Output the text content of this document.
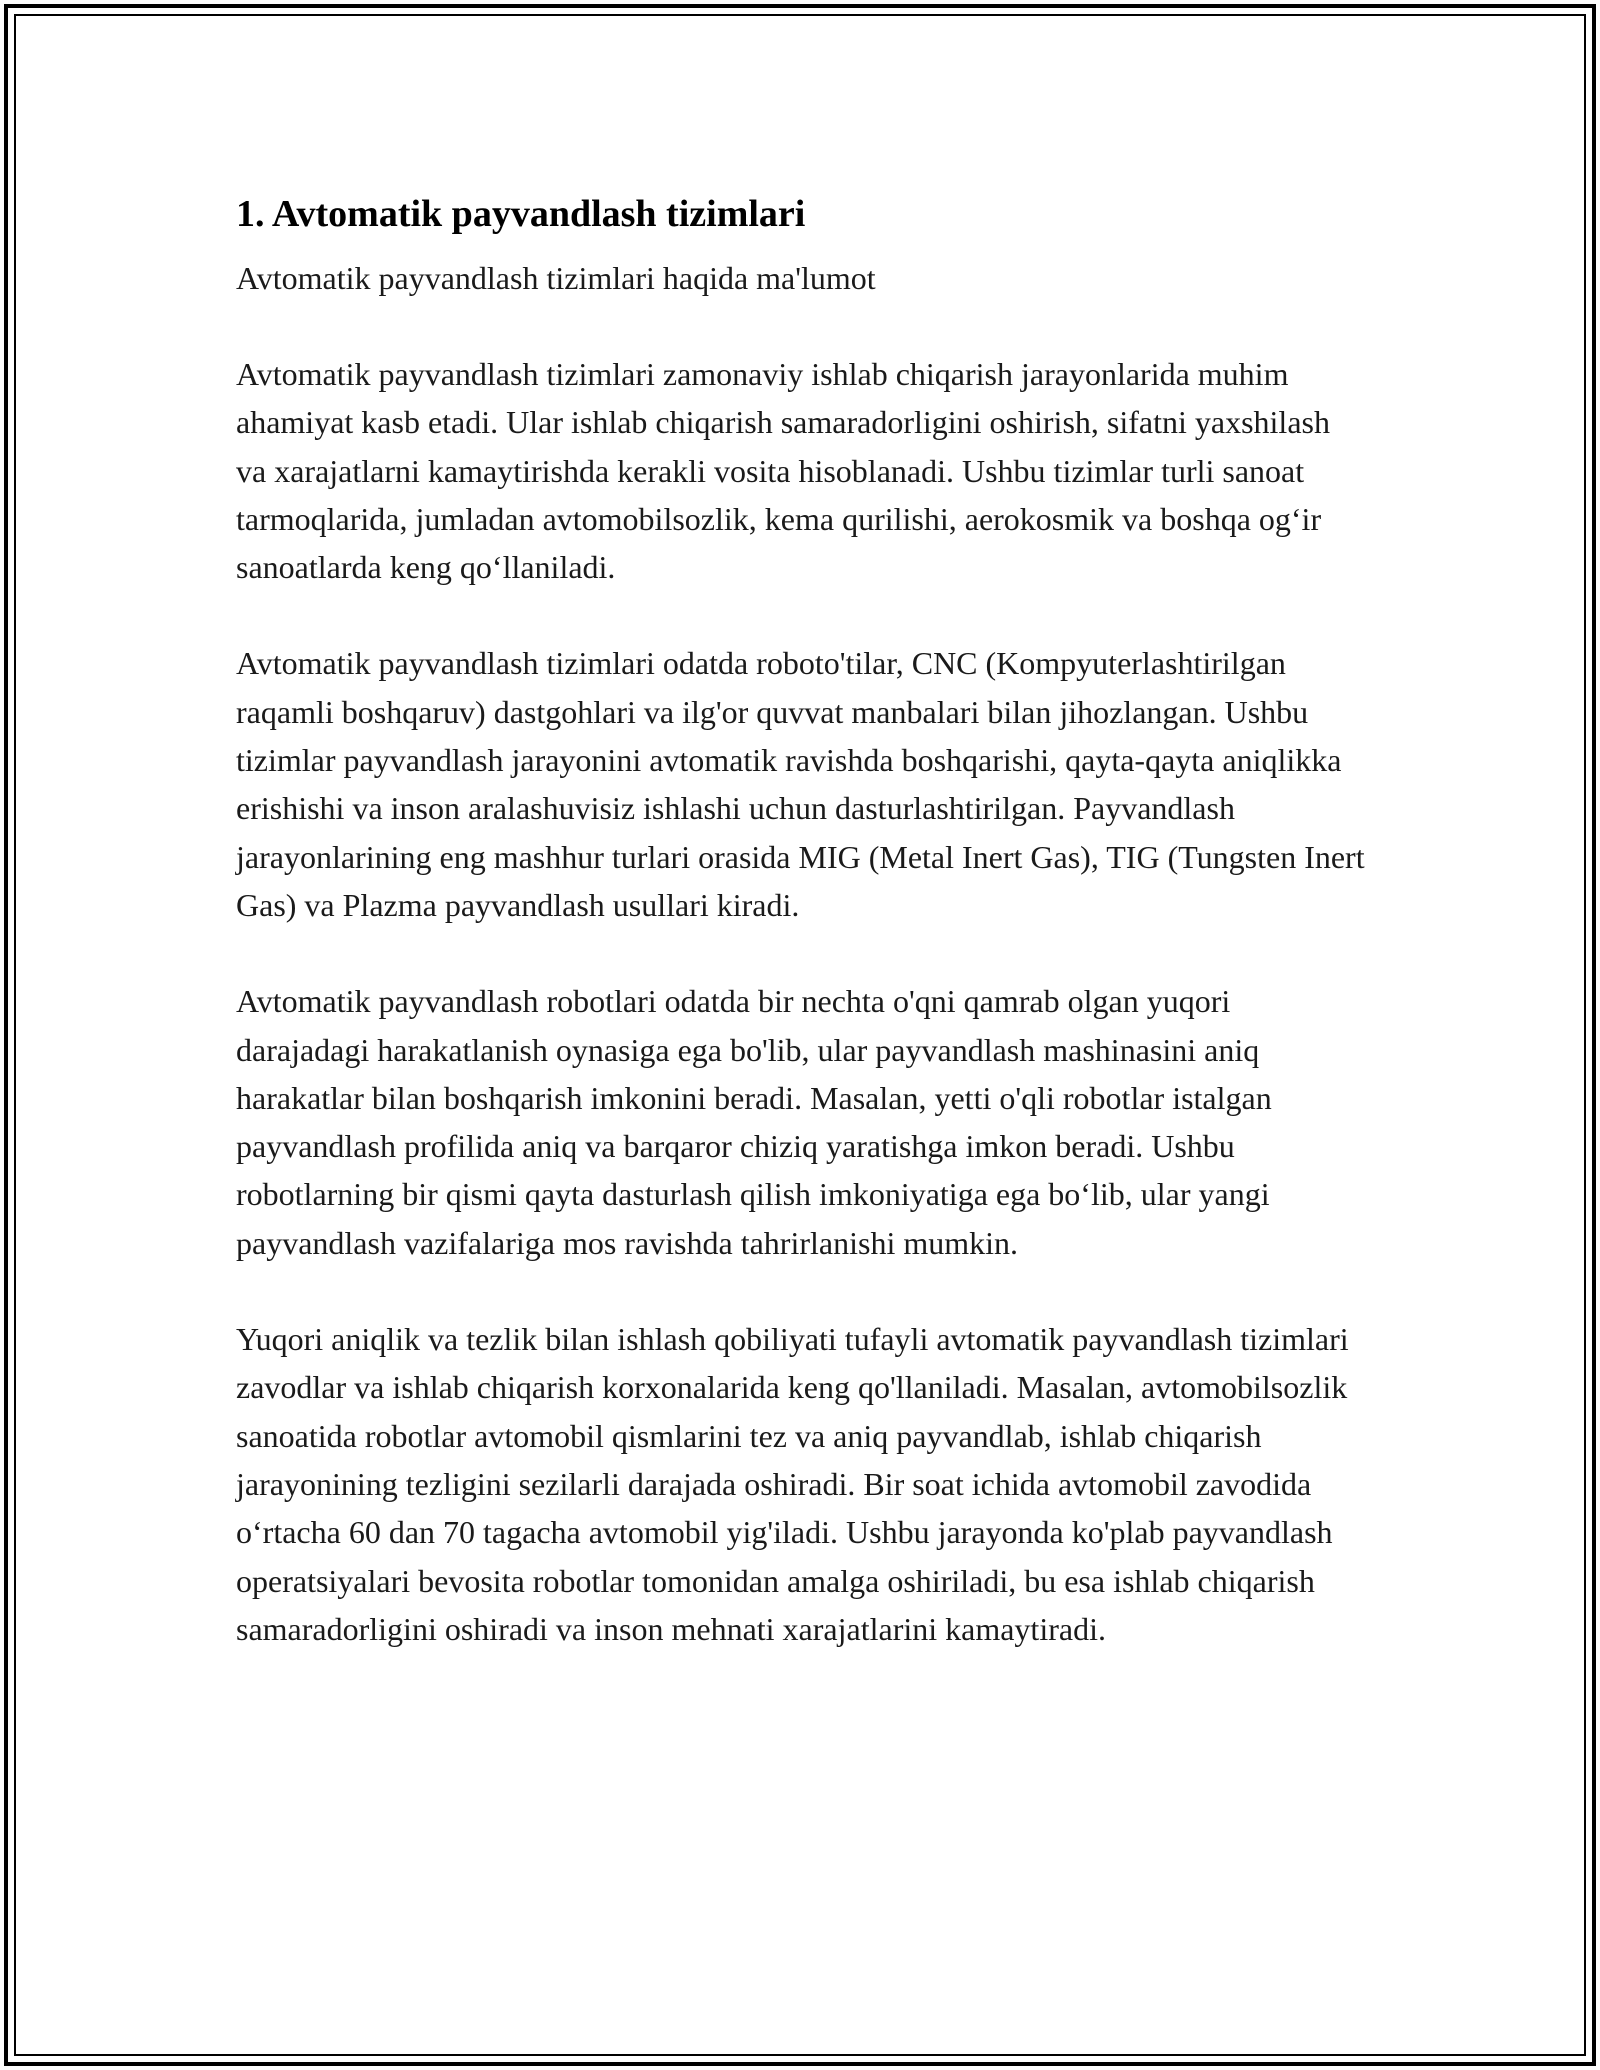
1. Avtomatik payvandlash tizimlari

Avtomatik payvandlash tizimlari haqida ma'lumot

Avtomatik payvandlash tizimlari zamonaviy ishlab chiqarish jarayonlarida muhim ahamiyat kasb etadi. Ular ishlab chiqarish samaradorligini oshirish, sifatni yaxshilash va xarajatlarni kamaytirishda kerakli vosita hisoblanadi. Ushbu tizimlar turli sanoat tarmoqlarida, jumladan avtomobilsozlik, kema qurilishi, aerokosmik va boshqa og‘ir sanoatlarda keng qo‘llaniladi.

Avtomatik payvandlash tizimlari odatda roboto'tilar, CNC (Kompyuterlashtirilgan raqamli boshqaruv) dastgohlari va ilg'or quvvat manbalari bilan jihozlangan. Ushbu tizimlar payvandlash jarayonini avtomatik ravishda boshqarishi, qayta-qayta aniqlikka erishishi va inson aralashuvisiz ishlashi uchun dasturlashtirilgan. Payvandlash jarayonlarining eng mashhur turlari orasida MIG (Metal Inert Gas), TIG (Tungsten Inert Gas) va Plazma payvandlash usullari kiradi.

Avtomatik payvandlash robotlari odatda bir nechta o'qni qamrab olgan yuqori darajadagi harakatlanish oynasiga ega bo'lib, ular payvandlash mashinasini aniq harakatlar bilan boshqarish imkonini beradi. Masalan, yetti o'qli robotlar istalgan payvandlash profilida aniq va barqaror chiziq yaratishga imkon beradi. Ushbu robotlarning bir qismi qayta dasturlash qilish imkoniyatiga ega bo‘lib, ular yangi payvandlash vazifalariga mos ravishda tahrirlanishi mumkin.

Yuqori aniqlik va tezlik bilan ishlash qobiliyati tufayli avtomatik payvandlash tizimlari zavodlar va ishlab chiqarish korxonalarida keng qo'llaniladi. Masalan, avtomobilsozlik sanoatida robotlar avtomobil qismlarini tez va aniq payvandlab, ishlab chiqarish jarayonining tezligini sezilarli darajada oshiradi. Bir soat ichida avtomobil zavodida o‘rtacha 60 dan 70 tagacha avtomobil yig'iladi. Ushbu jarayonda ko'plab payvandlash operatsiyalari bevosita robotlar tomonidan amalga oshiriladi, bu esa ishlab chiqarish samaradorligini oshiradi va inson mehnati xarajatlarini kamaytiradi.
